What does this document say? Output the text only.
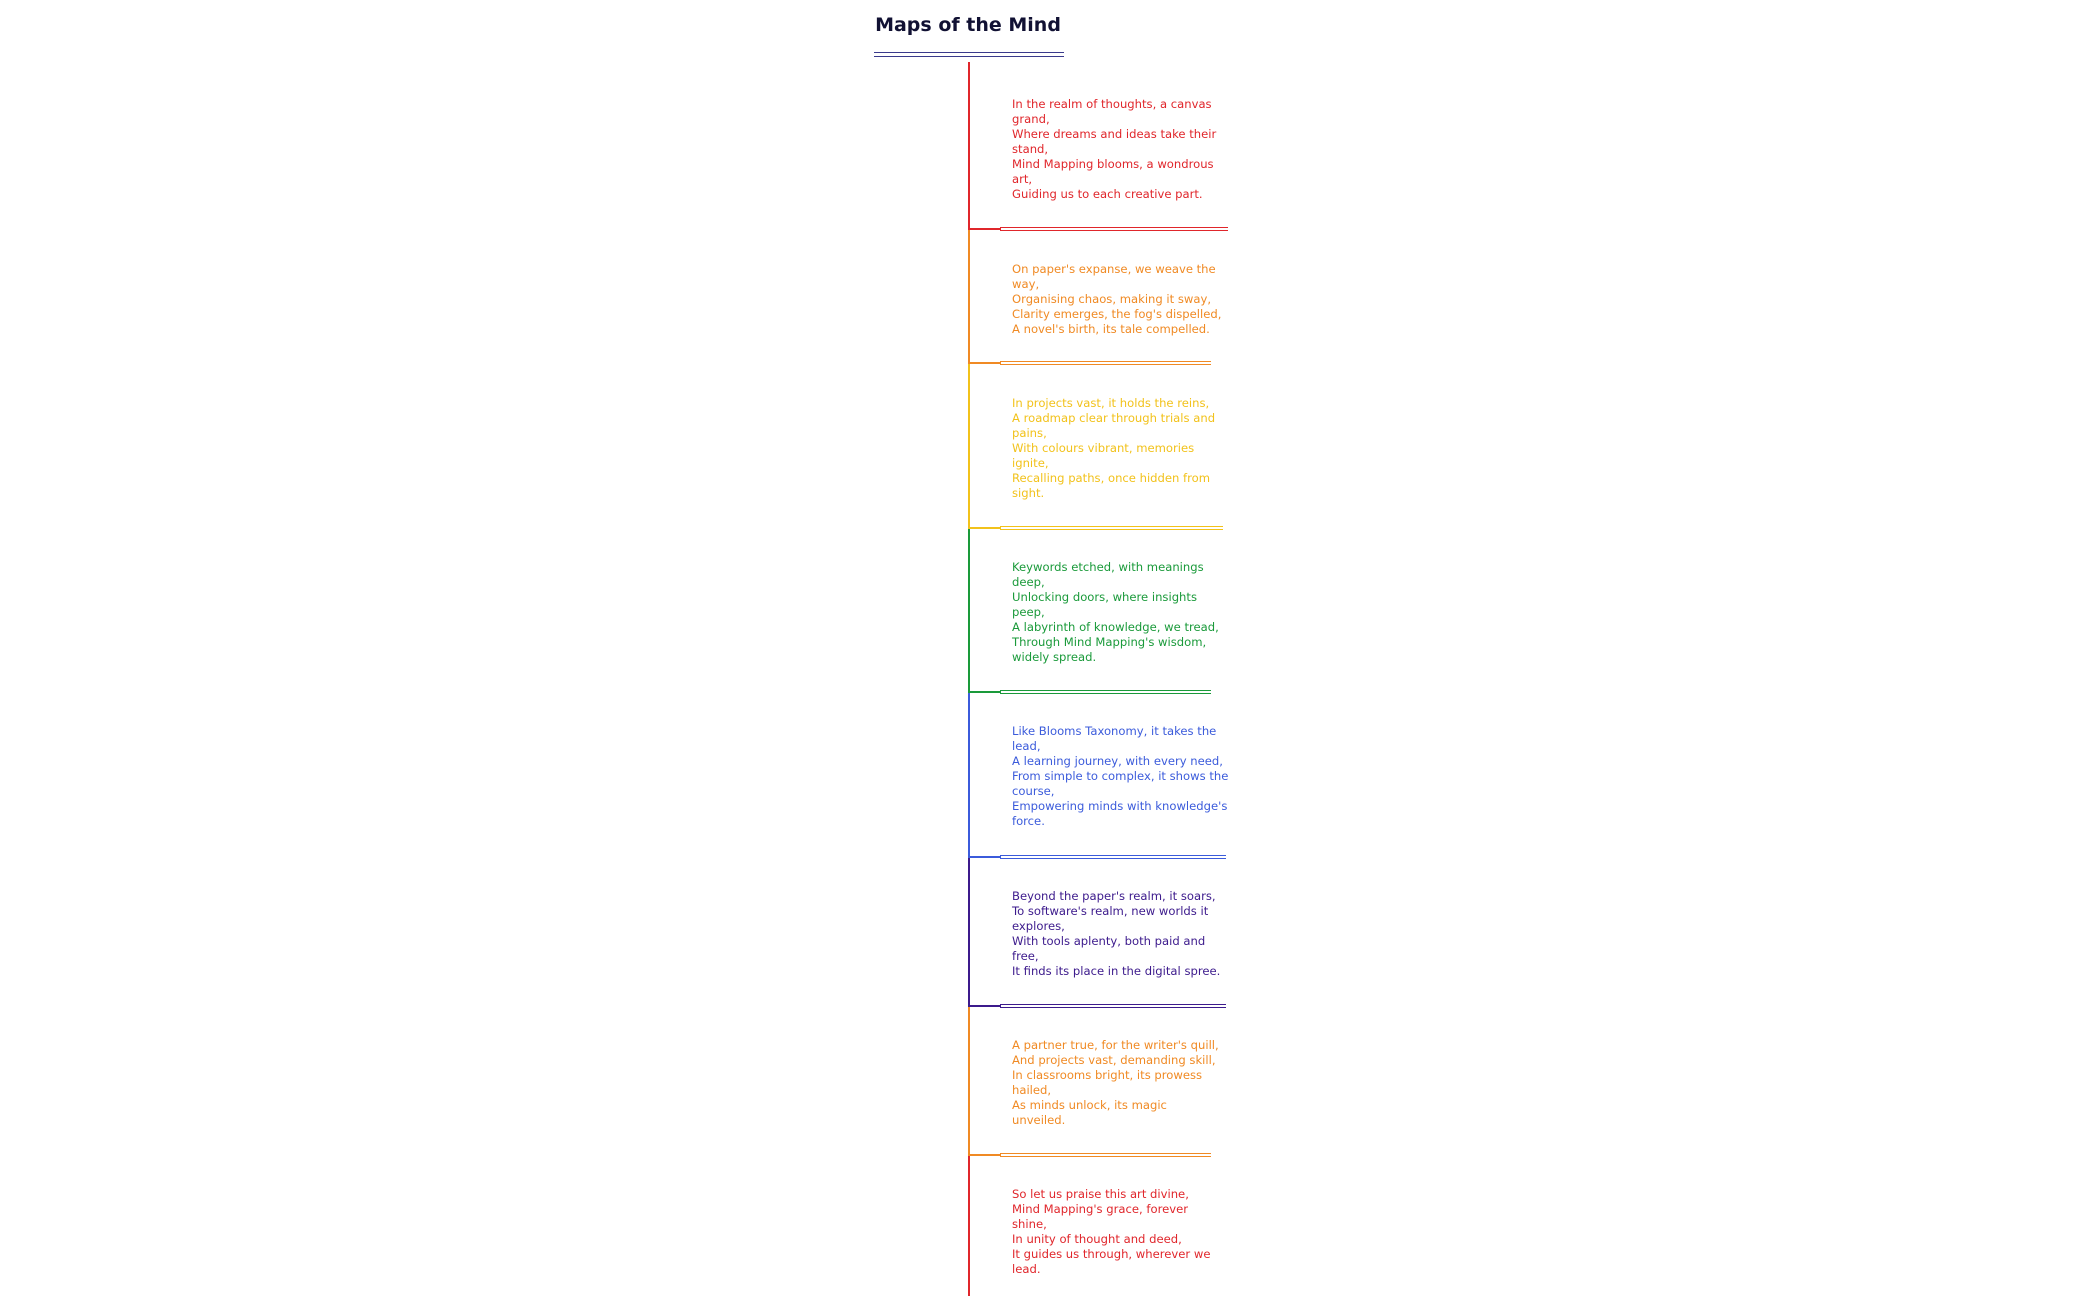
Maps of the Mind
In the realm of thoughts, a canvas
grand,
Where dreams and ideas take their
stand,
Mind Mapping blooms, a wondrous
art,
Guiding us to each creative part.
On paper's expanse, we weave the
way,
Organising chaos, making it sway,
Clarity emerges, the fog's dispelled,
A novel's birth, its tale compelled.
In projects vast, it holds the reins,
A roadmap clear through trials and
pains,
With colours vibrant, memories
ignite,
Recalling paths, once hidden from
sight.
Keywords etched, with meanings
deep,
Unlocking doors, where insights
peep,
A labyrinth of knowledge, we tread,
Through Mind Mapping's wisdom,
widely spread.
Like Blooms Taxonomy, it takes the
lead,
A learning journey, with every need,
From simple to complex, it shows the
course,
Empowering minds with knowledge's
force.
Beyond the paper's realm, it soars,
To software's realm, new worlds it
explores,
With tools aplenty, both paid and
free,
It finds its place in the digital spree.
A partner true, for the writer's quill,
And projects vast, demanding skill,
In classrooms bright, its prowess
hailed,
As minds unlock, its magic
unveiled.
So let us praise this art divine,
Mind Mapping's grace, forever
shine,
In unity of thought and deed,
It guides us through, wherever we
lead.
